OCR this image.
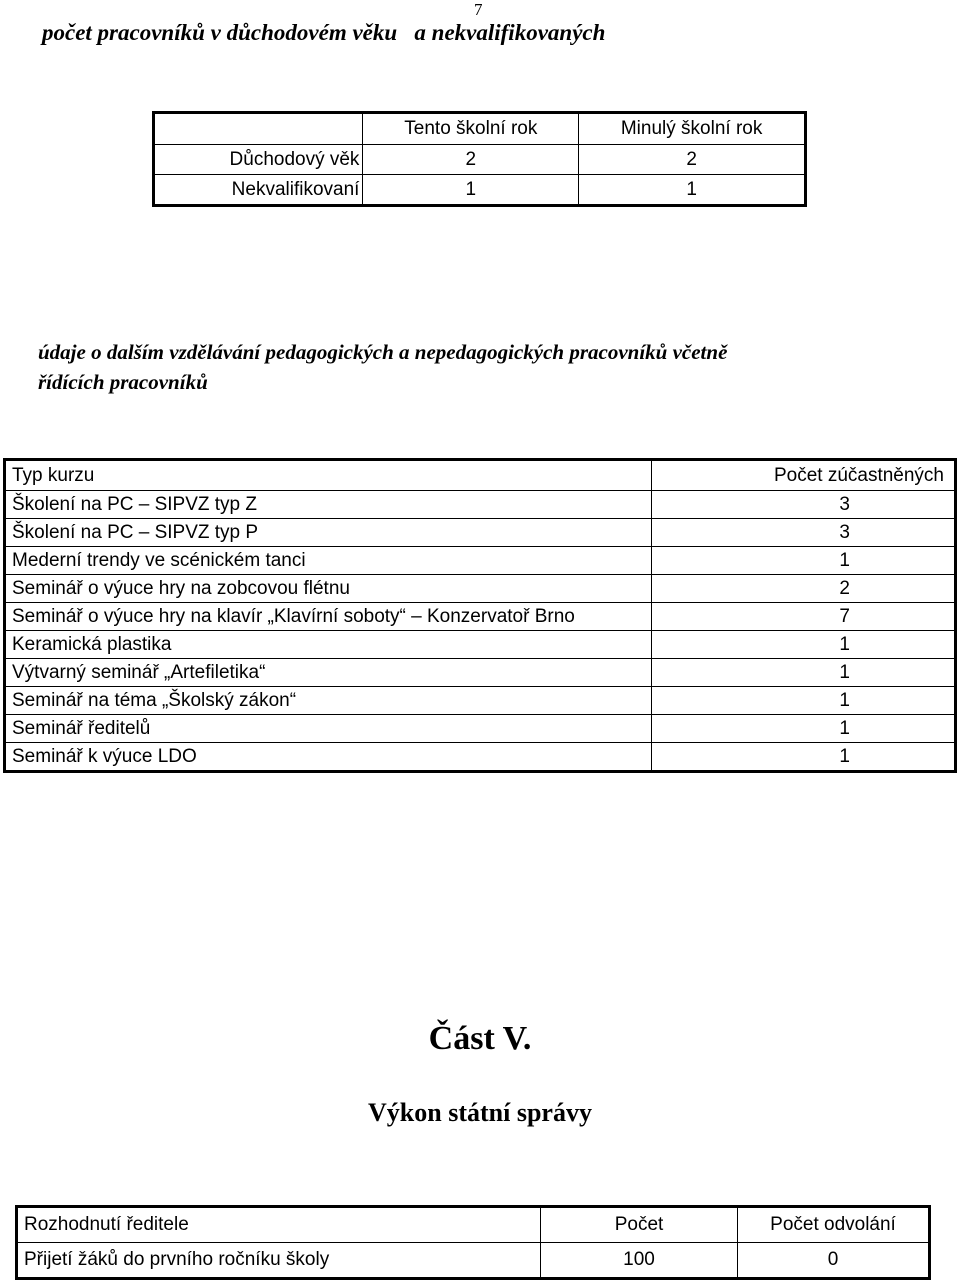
7
počet pracovníků v důchodovém věku   a nekvalifikovaných
	Tento školní rok	Minulý školní rok
Důchodový věk	2	2
Nekvalifikovaní	1	1
údaje o dalším vzdělávání pedagogických a nepedagogických pracovníků včetně
řídících pracovníků
Typ kurzu	Počet zúčastněných
Školení na PC – SIPVZ typ Z	3
Školení na PC – SIPVZ typ P	3
Mederní trendy ve scénickém tanci	1
Seminář o výuce hry na zobcovou flétnu	2
Seminář o výuce hry na klavír „Klavírní soboty“ – Konzervatoř Brno	7
Keramická plastika	1
Výtvarný seminář „Artefiletika“	1
Seminář na téma „Školský zákon“	1
Seminář ředitelů	1
Seminář k výuce LDO	1
Část V.
Výkon státní správy
Rozhodnutí ředitele	Počet	Počet odvolání
Přijetí žáků do prvního ročníku školy	100	0
